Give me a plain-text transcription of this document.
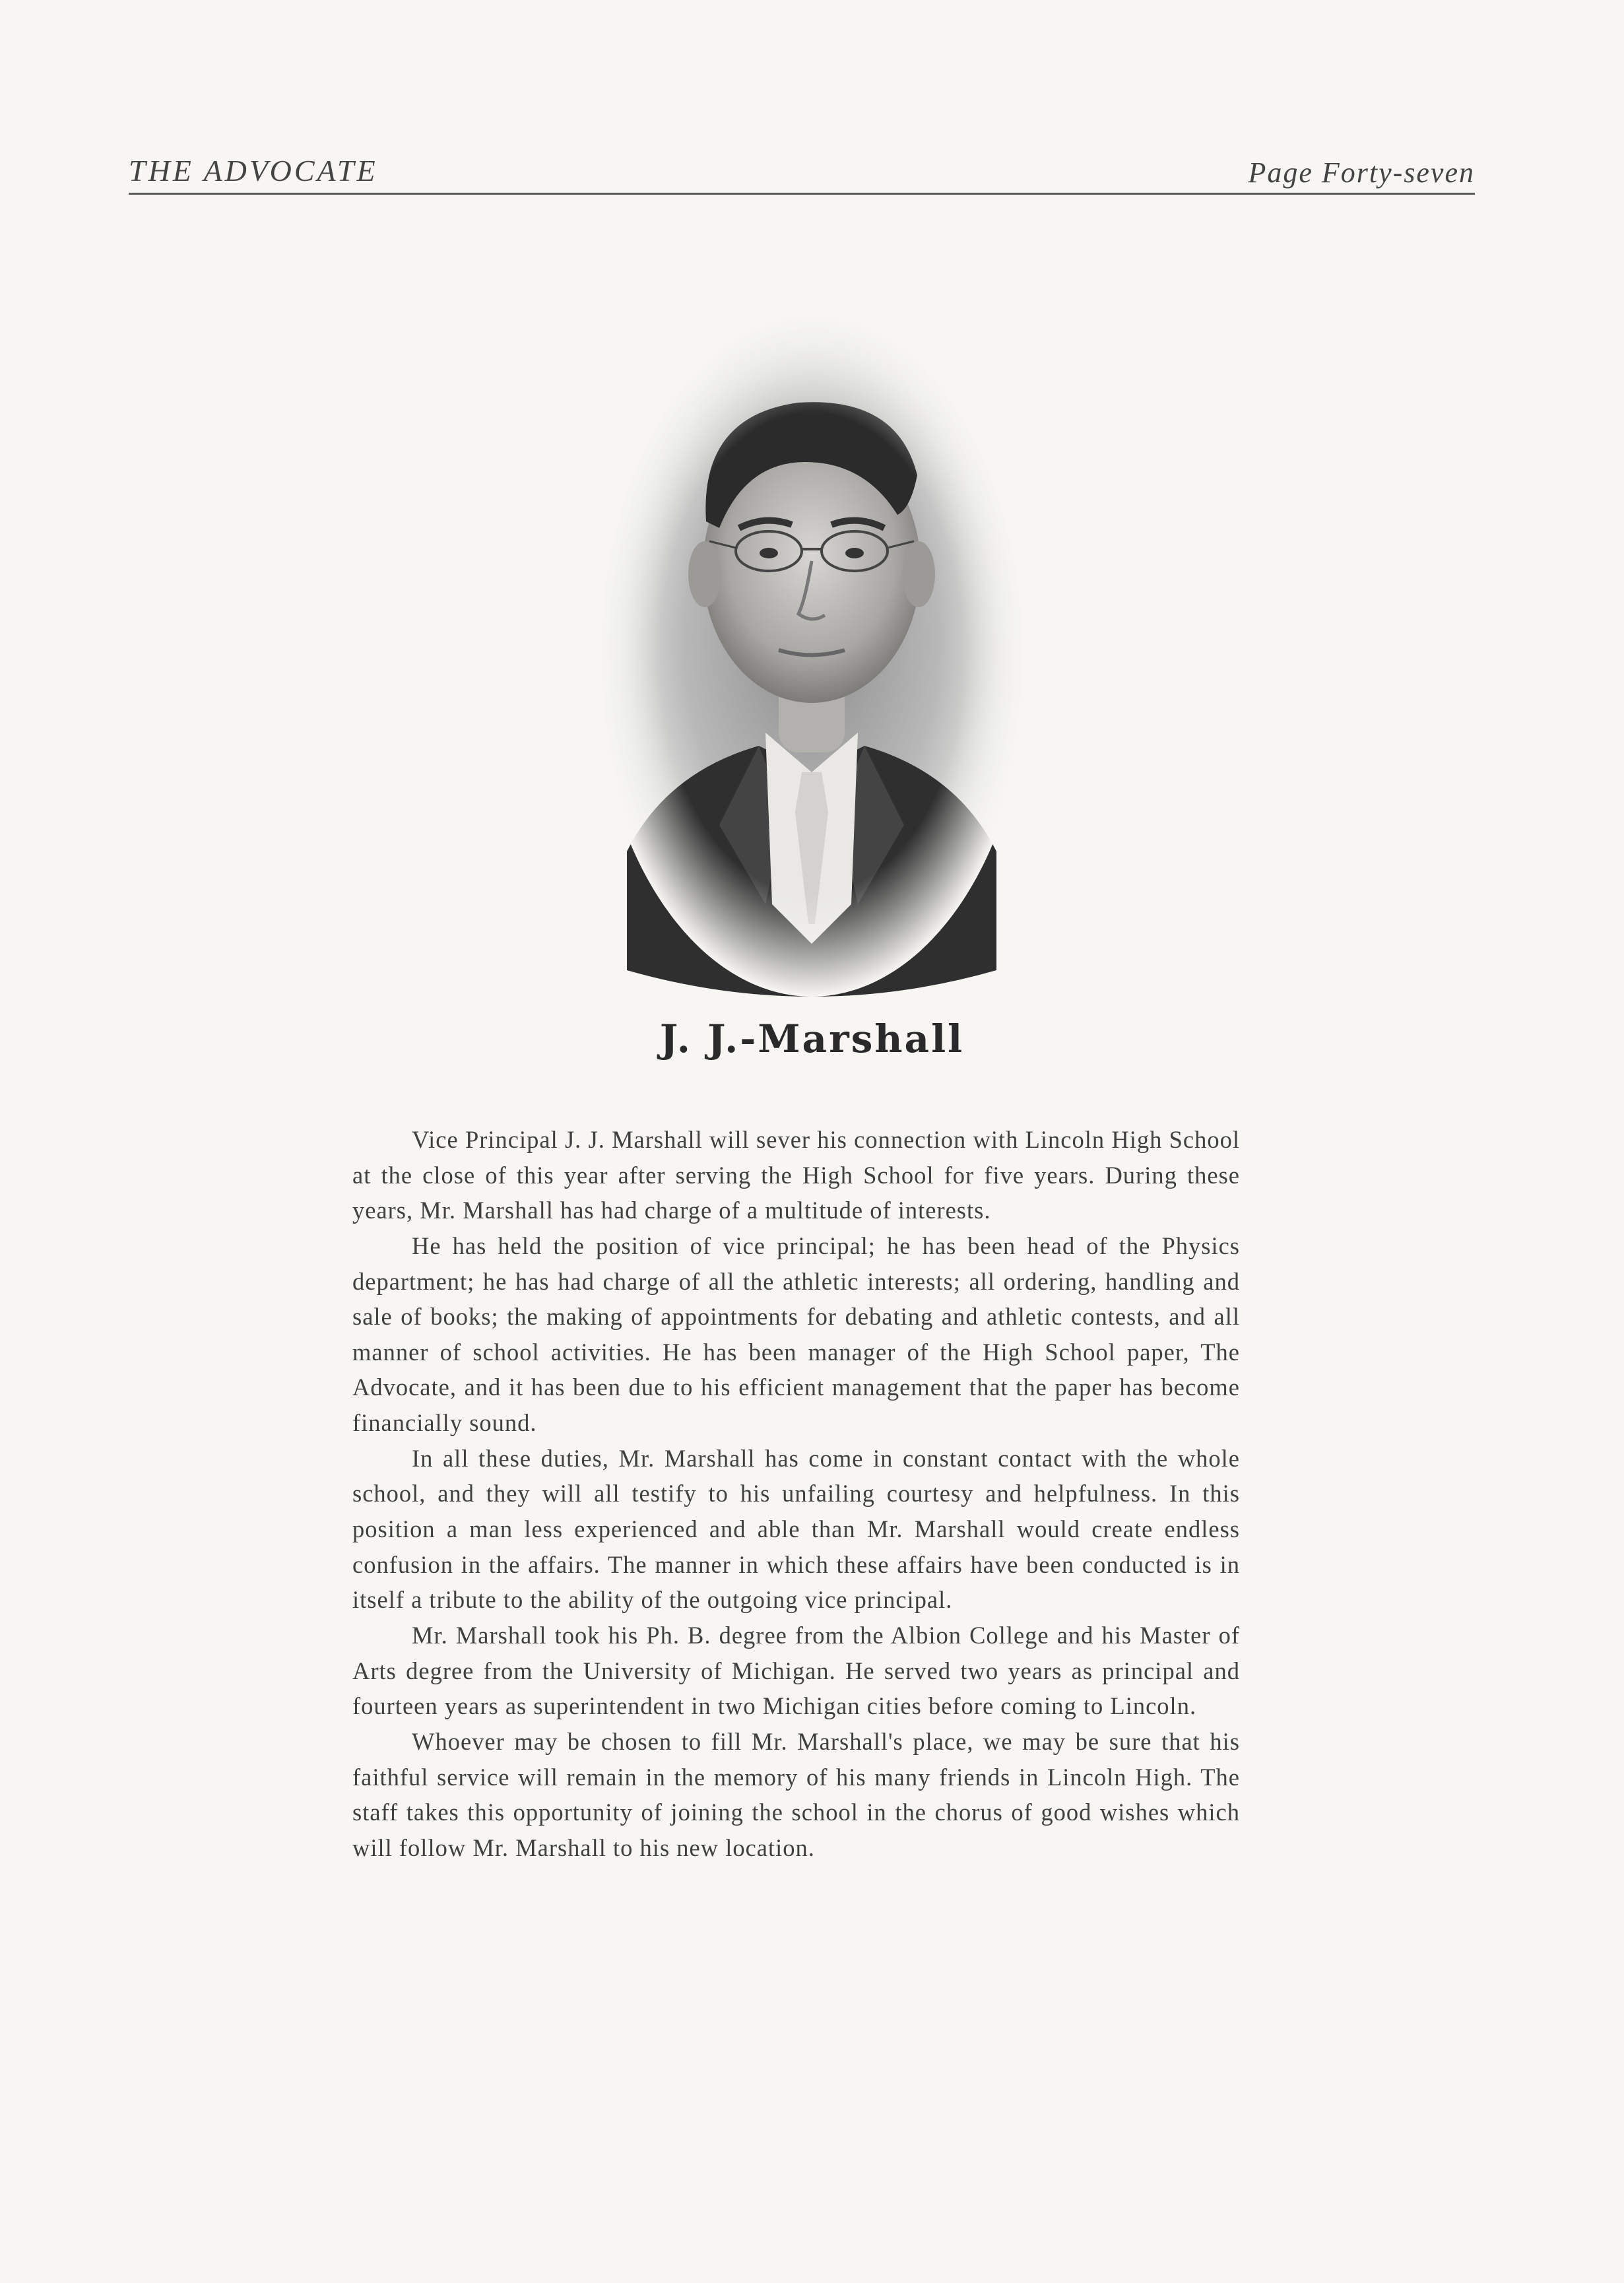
THE ADVOCATE	Page Forty-seven
J. J.-Marshall

Vice Principal J. J. Marshall will sever his connection with Lincoln High School at the close of this year after serving the High School for five years. During these years, Mr. Marshall has had charge of a multitude of interests.

He has held the position of vice principal; he has been head of the Physics department; he has had charge of all the athletic interests; all ordering, handling and sale of books; the making of appointments for debating and athletic contests, and all manner of school activities. He has been manager of the High School paper, The Advocate, and it has been due to his efficient management that the paper has become financially sound.

In all these duties, Mr. Marshall has come in constant contact with the whole school, and they will all testify to his unfailing courtesy and helpfulness. In this position a man less experienced and able than Mr. Marshall would create endless confusion in the affairs. The manner in which these affairs have been conducted is in itself a tribute to the ability of the outgoing vice principal.

Mr. Marshall took his Ph. B. degree from the Albion College and his Master of Arts degree from the University of Michigan. He served two years as principal and fourteen years as superintendent in two Michigan cities before coming to Lincoln.

Whoever may be chosen to fill Mr. Marshall's place, we may be sure that his faithful service will remain in the memory of his many friends in Lincoln High. The staff takes this opportunity of joining the school in the chorus of good wishes which will follow Mr. Marshall to his new location.
